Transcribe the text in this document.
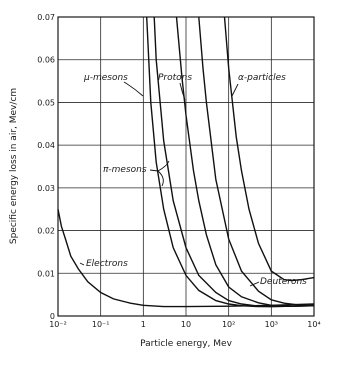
10⁻²	10⁻¹	1	10	10²	10³	10⁴
0
0.01
0.02
0.03
0.04
0.05
0.06
0.07
μ-mesons	Protons	α-particles
π-mesons
Electrons
Deuterons
Particle energy, Mev
Specific energy loss in air, Mev/cm
